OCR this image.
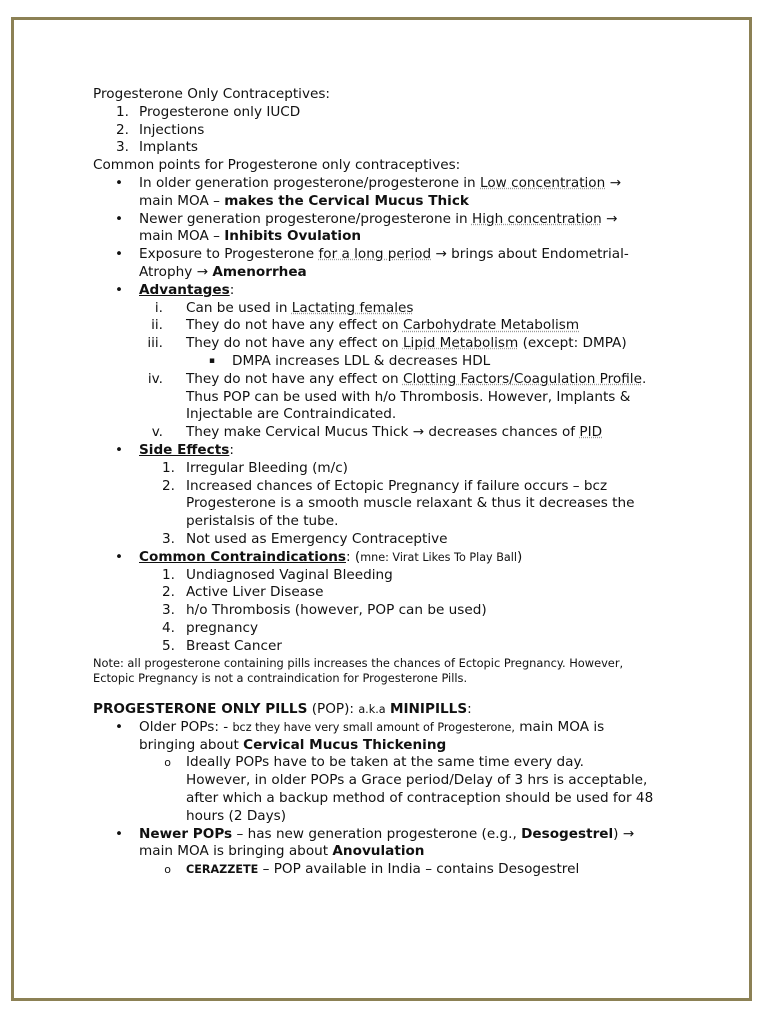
Progesterone Only Contraceptives:
1. Progesterone only IUCD
2. Injections
3. Implants
Common points for Progesterone only contraceptives:
• In older generation progesterone/progesterone in Low concentration →
main MOA – makes the Cervical Mucus Thick
• Newer generation progesterone/progesterone in High concentration →
main MOA – Inhibits Ovulation
• Exposure to Progesterone for a long period → brings about Endometrial-
Atrophy → Amenorrhea
• Advantages:
i. Can be used in Lactating females
ii. They do not have any effect on Carbohydrate Metabolism
iii. They do not have any effect on Lipid Metabolism (except: DMPA)
▪ DMPA increases LDL & decreases HDL
iv. They do not have any effect on Clotting Factors/Coagulation Profile.
Thus POP can be used with h/o Thrombosis. However, Implants &
Injectable are Contraindicated.
v. They make Cervical Mucus Thick → decreases chances of PID
• Side Effects:
1. Irregular Bleeding (m/c)
2. Increased chances of Ectopic Pregnancy if failure occurs – bcz
Progesterone is a smooth muscle relaxant & thus it decreases the
peristalsis of the tube.
3. Not used as Emergency Contraceptive
• Common Contraindications: (mne: Virat Likes To Play Ball)
1. Undiagnosed Vaginal Bleeding
2. Active Liver Disease
3. h/o Thrombosis (however, POP can be used)
4. pregnancy
5. Breast Cancer
Note: all progesterone containing pills increases the chances of Ectopic Pregnancy. However,
Ectopic Pregnancy is not a contraindication for Progesterone Pills.
PROGESTERONE ONLY PILLS (POP): a.k.a MINIPILLS:
• Older POPs: - bcz they have very small amount of Progesterone, main MOA is
bringing about Cervical Mucus Thickening
o Ideally POPs have to be taken at the same time every day.
However, in older POPs a Grace period/Delay of 3 hrs is acceptable,
after which a backup method of contraception should be used for 48
hours (2 Days)
• Newer POPs – has new generation progesterone (e.g., Desogestrel) →
main MOA is bringing about Anovulation
o CERAZZETE – POP available in India – contains Desogestrel
